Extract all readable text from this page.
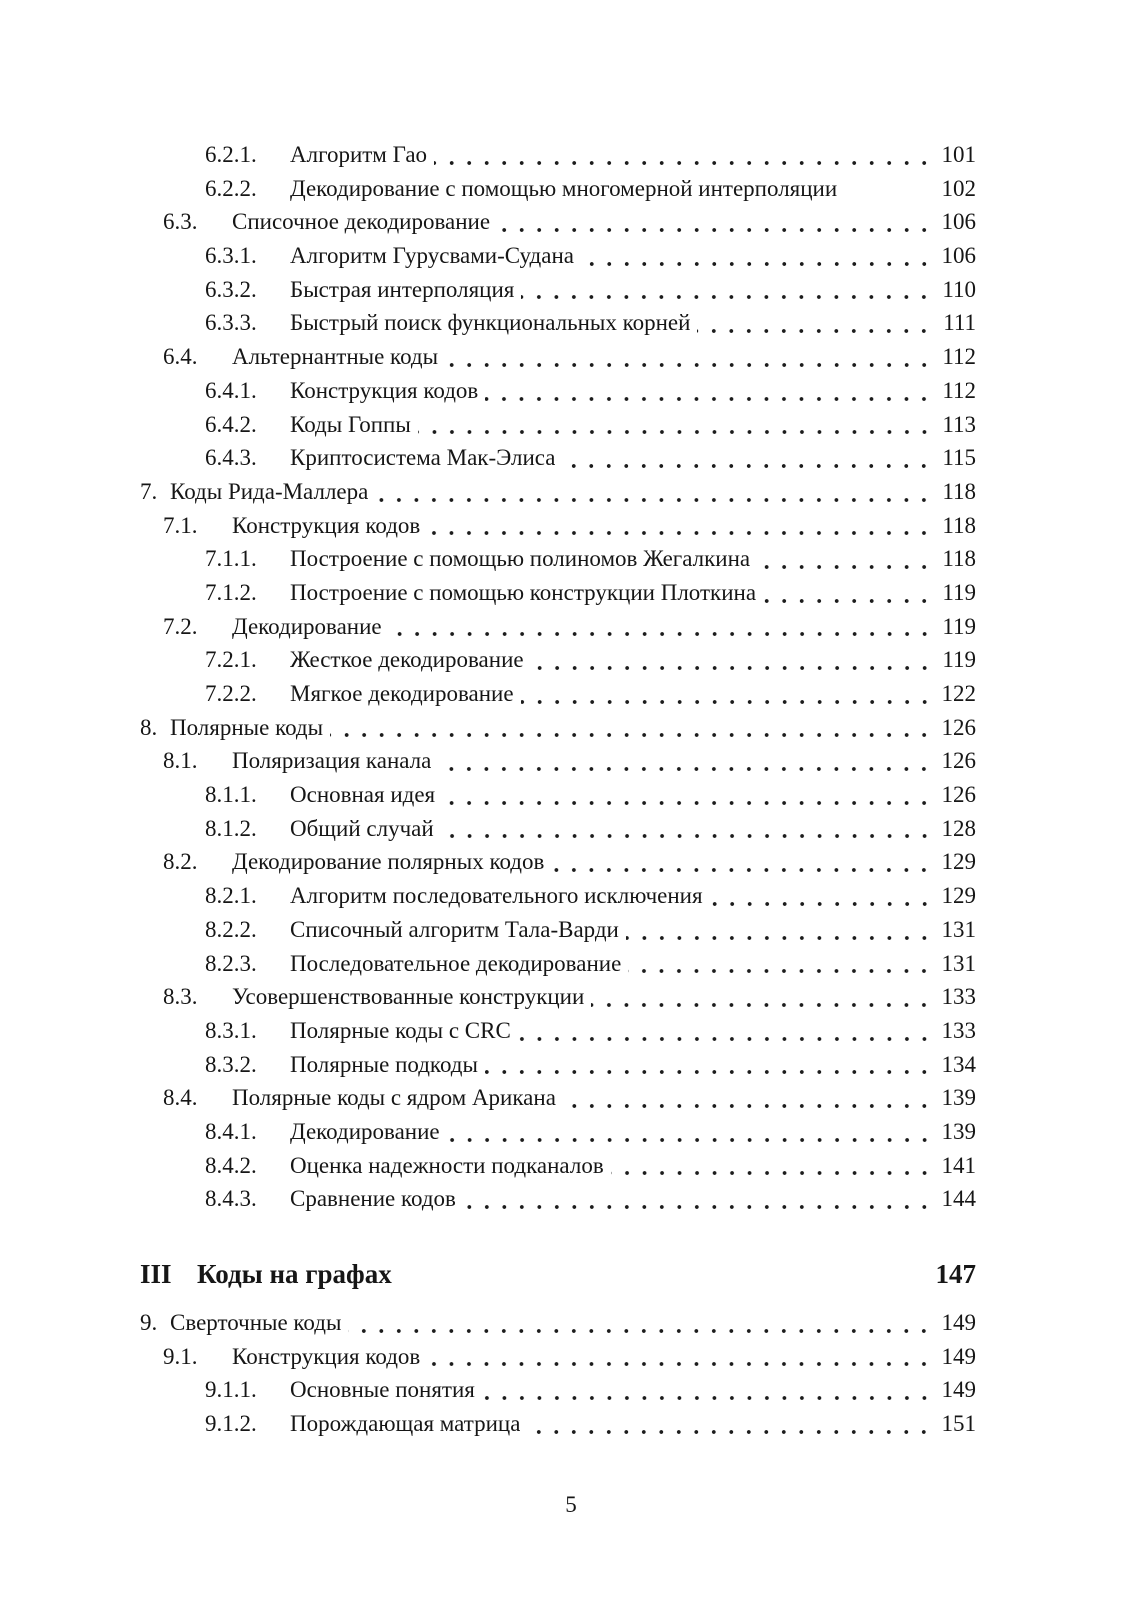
6.2.1.	Алгоритм Гао	101
6.2.2.	Декодирование с помощью многомерной интерполяции	102
6.3.	Списочное декодирование	106
6.3.1.	Алгоритм Гурусвами-Судана	106
6.3.2.	Быстрая интерполяция	110
6.3.3.	Быстрый поиск функциональных корней	111
6.4.	Альтернантные коды	112
6.4.1.	Конструкция кодов	112
6.4.2.	Коды Гоппы	113
6.4.3.	Криптосистема Мак-Элиса	115
7. Коды Рида-Маллера	118
7.1.	Конструкция кодов	118
7.1.1.	Построение с помощью полиномов Жегалкина	118
7.1.2.	Построение с помощью конструкции Плоткина	119
7.2.	Декодирование	119
7.2.1.	Жесткое декодирование	119
7.2.2.	Мягкое декодирование	122
8. Полярные коды	126
8.1.	Поляризация канала	126
8.1.1.	Основная идея	126
8.1.2.	Общий случай	128
8.2.	Декодирование полярных кодов	129
8.2.1.	Алгоритм последовательного исключения	129
8.2.2.	Списочный алгоритм Тала-Варди	131
8.2.3.	Последовательное декодирование	131
8.3.	Усовершенствованные конструкции	133
8.3.1.	Полярные коды с CRC	133
8.3.2.	Полярные подкоды	134
8.4.	Полярные коды с ядром Арикана	139
8.4.1.	Декодирование	139
8.4.2.	Оценка надежности подканалов	141
8.4.3.	Сравнение кодов	144
III Коды на графах	147
9. Сверточные коды	149
9.1.	Конструкция кодов	149
9.1.1.	Основные понятия	149
9.1.2.	Порождающая матрица	151
5
